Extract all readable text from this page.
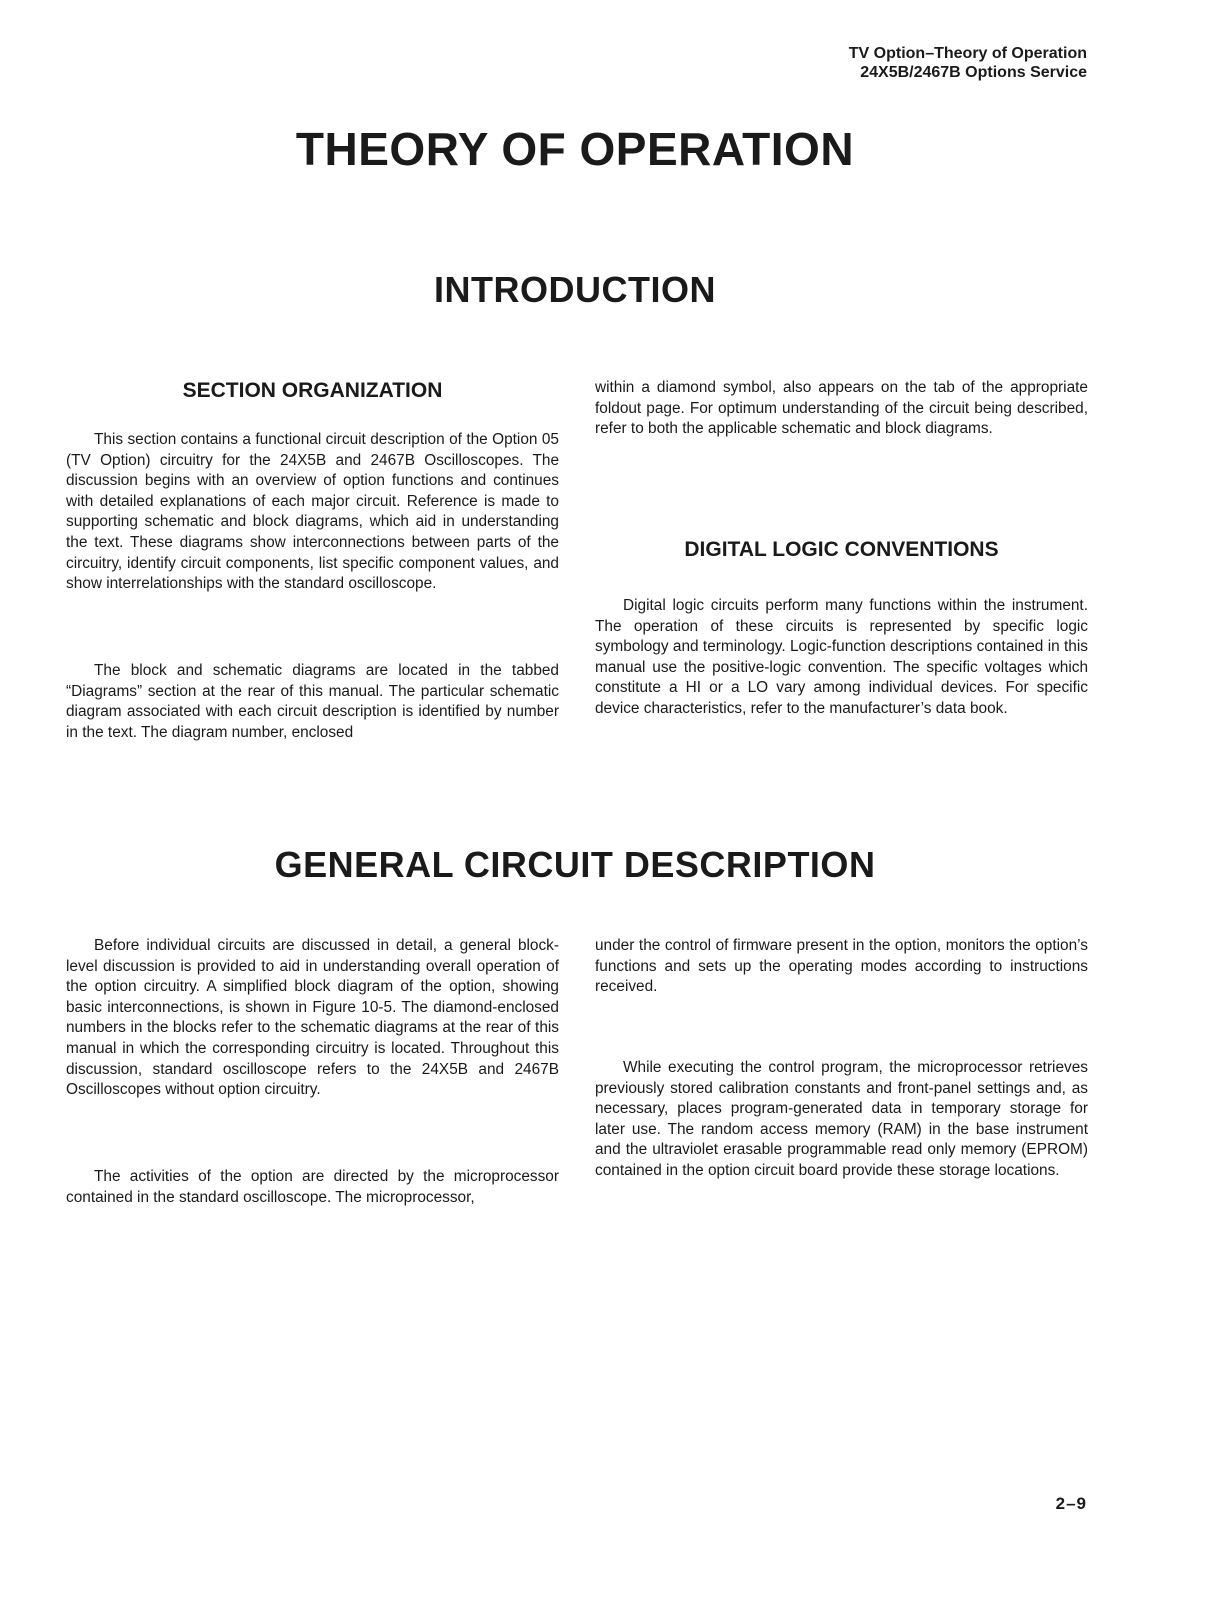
TV Option–Theory of Operation
24X5B/2467B Options Service
THEORY OF OPERATION
INTRODUCTION
SECTION ORGANIZATION

This section contains a functional circuit description of the Option 05 (TV Option) circuitry for the 24X5B and 2467B Oscilloscopes. The discussion begins with an overview of option functions and continues with detailed explanations of each major circuit. Reference is made to supporting schematic and block diagrams, which aid in understanding the text. These diagrams show interconnections between parts of the circuitry, identify circuit components, list specific component values, and show interrelationships with the standard oscilloscope.

The block and schematic diagrams are located in the tabbed “Diagrams” section at the rear of this manual. The particular schematic diagram associated with each circuit description is identified by number in the text. The diagram number, enclosed

within a diamond symbol, also appears on the tab of the appropriate foldout page. For optimum understanding of the circuit being described, refer to both the applicable schematic and block diagrams.

DIGITAL LOGIC CONVENTIONS

Digital logic circuits perform many functions within the instrument. The operation of these circuits is represented by specific logic symbology and terminology. Logic-function descriptions contained in this manual use the positive-logic convention. The specific voltages which constitute a HI or a LO vary among individual devices. For specific device characteristics, refer to the manufacturer’s data book.

GENERAL CIRCUIT DESCRIPTION

Before individual circuits are discussed in detail, a general block-level discussion is provided to aid in understanding overall operation of the option circuitry. A simplified block diagram of the option, showing basic interconnections, is shown in Figure 10-5. The diamond-enclosed numbers in the blocks refer to the schematic diagrams at the rear of this manual in which the corresponding circuitry is located. Throughout this discussion, standard oscilloscope refers to the 24X5B and 2467B Oscilloscopes without option circuitry.

The activities of the option are directed by the microprocessor contained in the standard oscilloscope. The microprocessor,

under the control of firmware present in the option, monitors the option’s functions and sets up the operating modes according to instructions received.

While executing the control program, the microprocessor retrieves previously stored calibration constants and front-panel settings and, as necessary, places program-generated data in temporary storage for later use. The random access memory (RAM) in the base instrument and the ultraviolet erasable programmable read only memory (EPROM) contained in the option circuit board provide these storage locations.

2–9
